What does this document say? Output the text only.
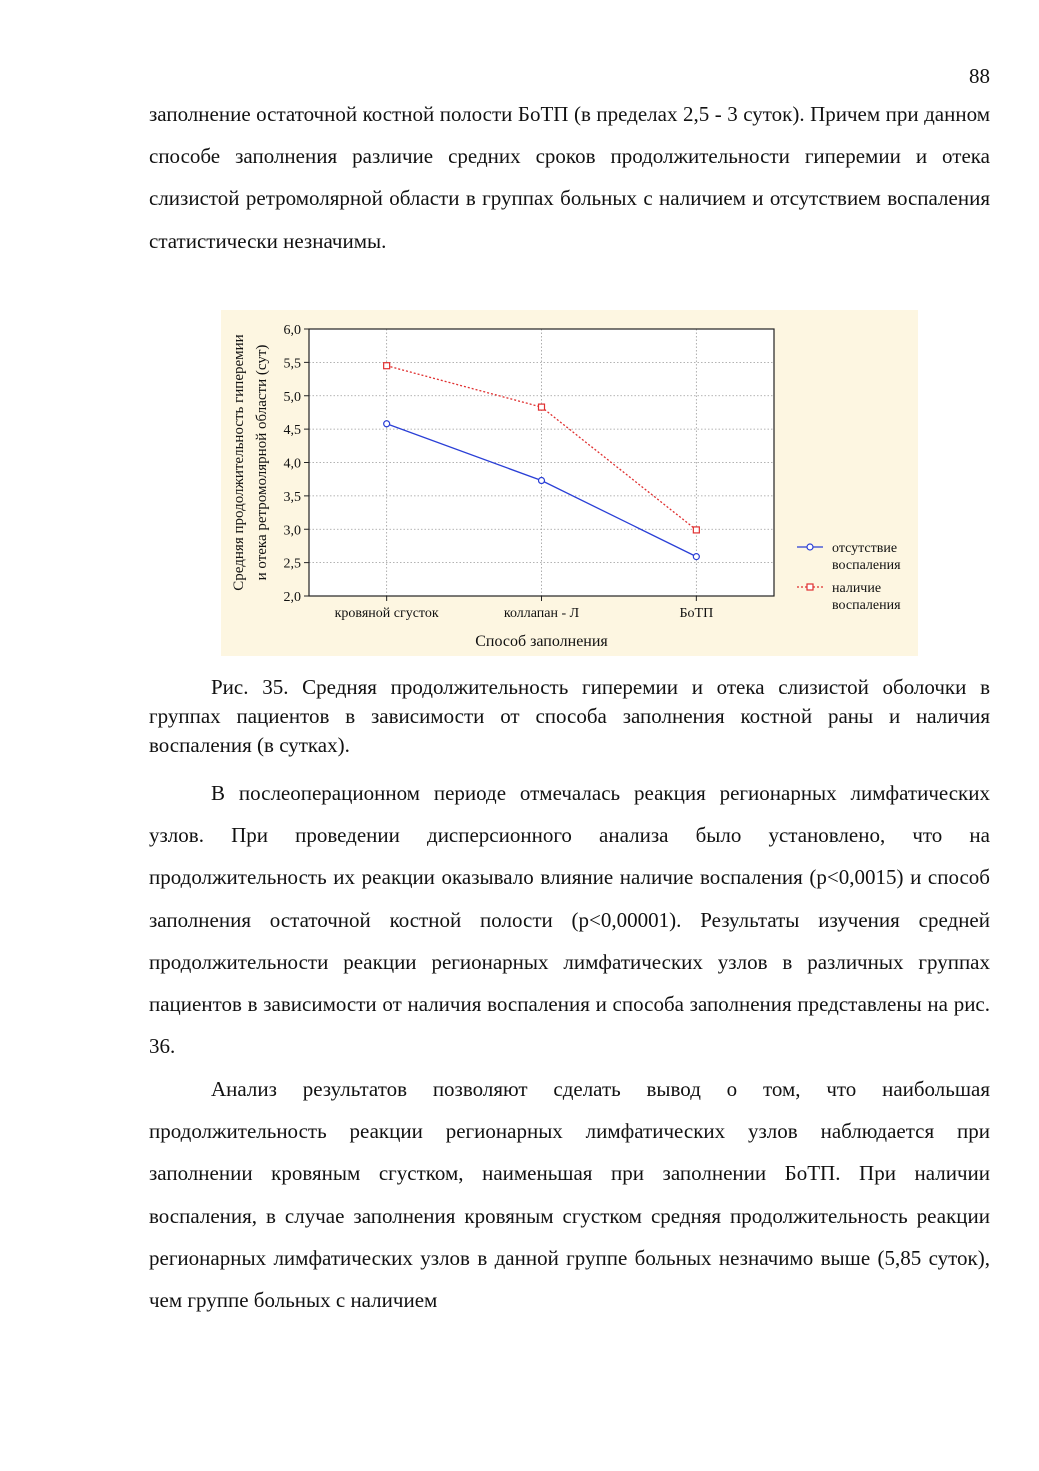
88

заполнение остаточной костной полости БоТП (в пределах 2,5 - 3 суток). Причем при данном способе заполнения различие средних сроков продолжительности гиперемии и отека слизистой ретромолярной области в группах больных с наличием и отсутствием воспаления статистически незначимы.

2,0
2,5
3,0
3,5
4,0
4,5
5,0
5,5
6,0
кровяной сгусток	коллапан - Л	БоТП
Способ заполнения
Средняя продолжительность гиперемии и отека ретромолярной области (сут)	отсутствие
воспаления
наличие
воспаления

Рис. 35. Средняя продолжительность гиперемии и отека слизистой оболочки в группах пациентов в зависимости от способа заполнения костной раны и наличия воспаления (в сутках).

В послеоперационном периоде отмечалась реакция регионарных лимфатических узлов. При проведении дисперсионного анализа было установлено, что на продолжительность их реакции оказывало влияние наличие воспаления (p<0,0015) и способ заполнения остаточной костной полости (p<0,00001). Результаты изучения средней продолжительности реакции регионарных лимфатических узлов в различных группах пациентов в зависимости от наличия воспаления и способа заполнения представлены на рис. 36.

Анализ результатов позволяют сделать вывод о том, что наибольшая продолжительность реакции регионарных лимфатических узлов наблюдается при заполнении кровяным сгустком, наименьшая при заполнении БоТП. При наличии воспаления, в случае заполнения кровяным сгустком средняя продолжительность реакции регионарных лимфатических узлов в данной группе больных незначимо выше (5,85 суток), чем группе больных с наличием
